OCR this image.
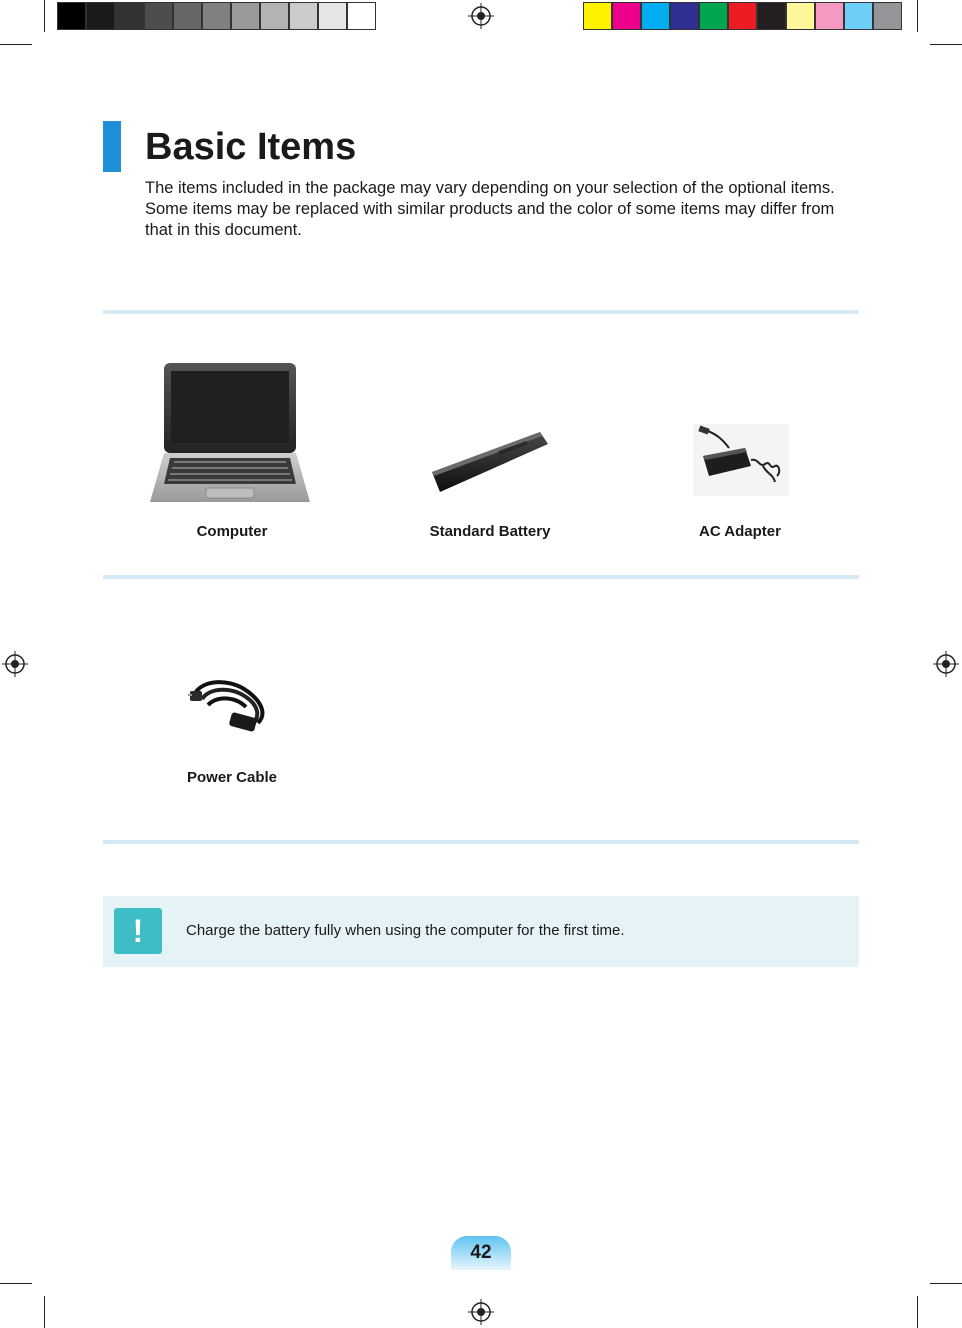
Basic Items

The items included in the package may vary depending on your selection of the optional items. Some items may be replaced with similar products and the color of some items may differ from that in this document.

Computer	Standard Battery	AC Adapter
Power Cable
!	Charge the battery fully when using the computer for the first time.
42
